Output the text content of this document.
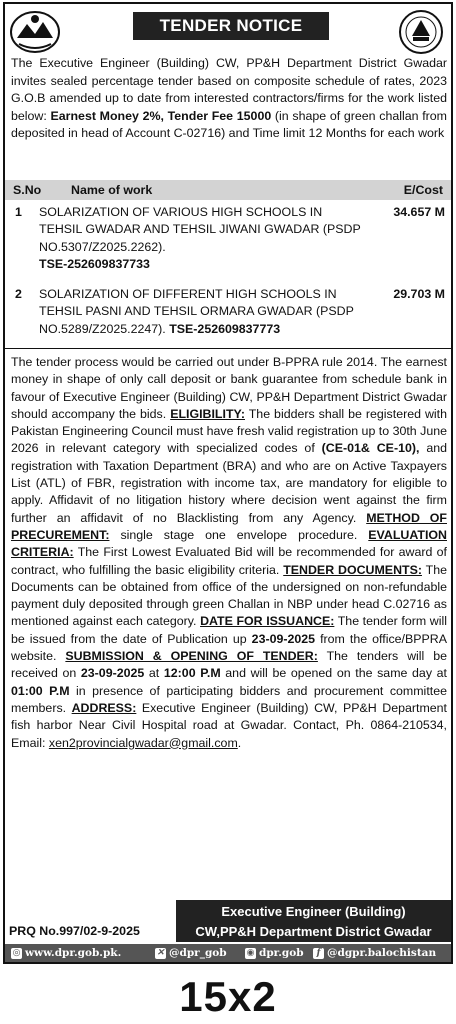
TENDER NOTICE
The Executive Engineer (Building) CW, PP&H Department District Gwadar invites sealed percentage tender based on composite schedule of rates, 2023 G.O.B amended up to date from interested contractors/firms for the work listed below: Earnest Money 2%, Tender Fee 15000 (in shape of green challan from deposited in head of Account C-02716) and Time limit 12 Months for each work
S.No Name of work	E/Cost
1 SOLARIZATION OF VARIOUS HIGH SCHOOLS IN TEHSIL GWADAR AND TEHSIL JIWANI GWADAR (PSDP NO.5307/Z2025.2262).
TSE-252609837733
34.657 M
2 SOLARIZATION OF DIFFERENT HIGH SCHOOLS IN TEHSIL PASNI AND TEHSIL ORMARA GWADAR (PSDP NO.5289/Z2025.2247). TSE-252609837773
29.703 M
The tender process would be carried out under B-PPRA rule 2014. The earnest money in shape of only call deposit or bank guarantee from schedule bank in favour of Executive Engineer (Building) CW, PP&H Department District Gwadar should accompany the bids. ELIGIBILITY: The bidders shall be registered with Pakistan Engineering Council must have fresh valid registration up to 30th June 2026 in relevant category with specialized codes of (CE-01& CE-10), and registration with Taxation Department (BRA) and who are on Active Taxpayers List (ATL) of FBR, registration with income tax, are mandatory for eligible to apply. Affidavit of no litigation history where decision went against the firm further an affidavit of no Blacklisting from any Agency. METHOD OF PRECUREMENT: single stage one envelope procedure. EVALUATION CRITERIA: The First Lowest Evaluated Bid will be recommended for award of contract, who fulfilling the basic eligibility criteria. TENDER DOCUMENTS: The Documents can be obtained from office of the undersigned on non-refundable payment duly deposited through green Challan in NBP under head C.02716 as mentioned against each category. DATE FOR ISSUANCE: The tender form will be issued from the date of Publication up 23-09-2025 from the office/BPPRA website. SUBMISSION & OPENING OF TENDER: The tenders will be received on 23-09-2025 at 12:00 P.M and will be opened on the same day at 01:00 P.M in presence of participating bidders and procurement committee members. ADDRESS: Executive Engineer (Building) CW, PP&H Department fish harbor Near Civil Hospital road at Gwadar. Contact, Ph. 0864-210534, Email: xen2provincialgwadar@gmail.com.
Executive Engineer (Building)
CW,PP&H Department District Gwadar
PRQ No.997/02-9-2025
◎ www.dpr.gob.pk.	✕ @dpr_gob ◉ dpr.gob	f @dgpr.balochistan
15x2
